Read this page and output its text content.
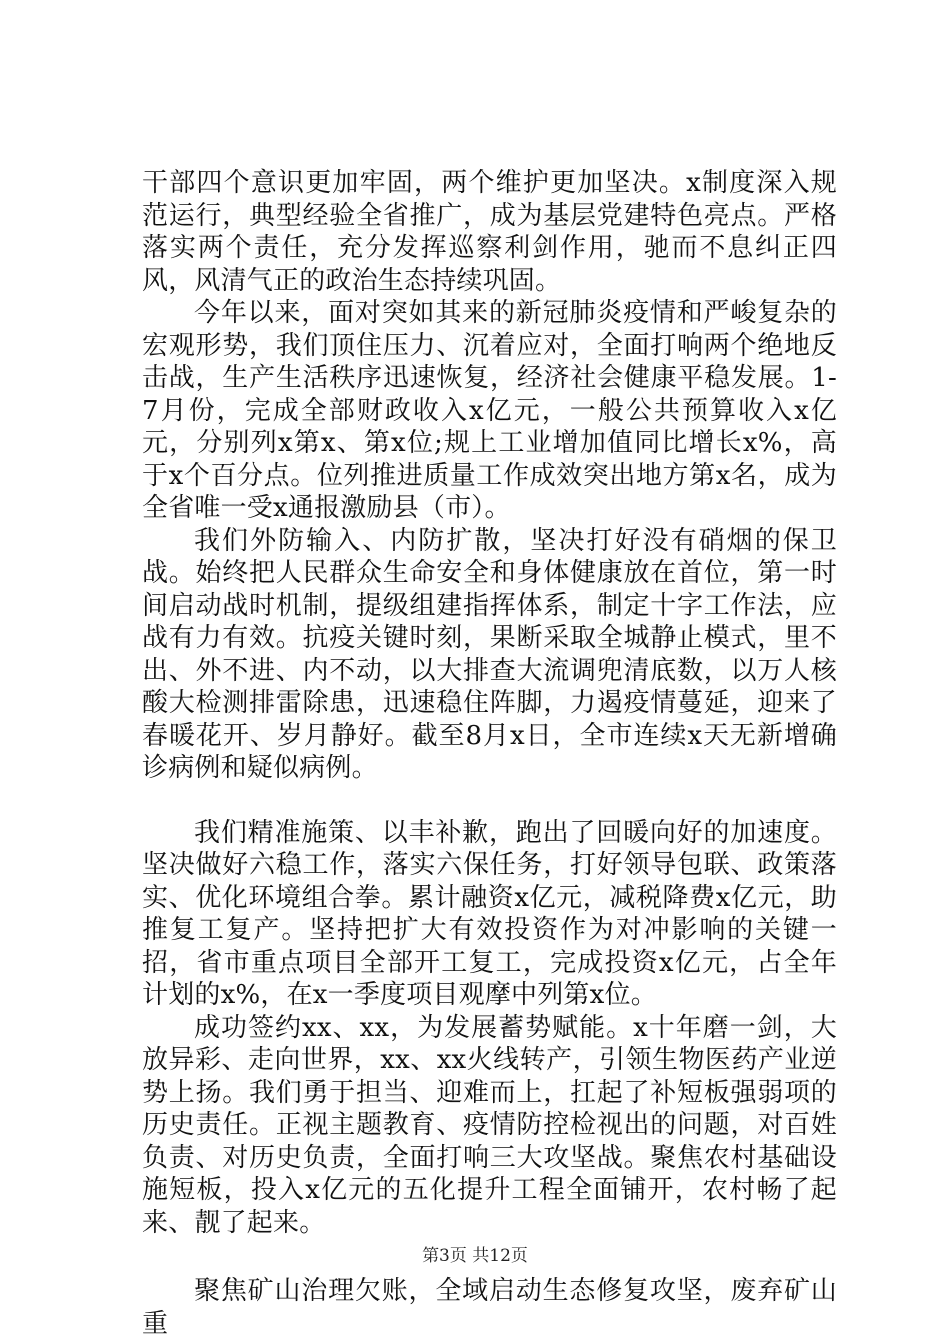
干部四个意识更加牢固，两个维护更加坚决。x制度深入规范运行，典型经验全省推广，成为基层党建特色亮点。严格落实两个责任，充分发挥巡察利剑作用，驰而不息纠正四风，风清气正的政治生态持续巩固。

今年以来，面对突如其来的新冠肺炎疫情和严峻复杂的宏观形势，我们顶住压力、沉着应对，全面打响两个绝地反击战，生产生活秩序迅速恢复，经济社会健康平稳发展。1-7月份，完成全部财政收入x亿元，一般公共预算收入x亿元，分别列x第x、第x位;规上工业增加值同比增长x%，高于x个百分点。位列推进质量工作成效突出地方第x名，成为全省唯一受x通报激励县（市）。

我们外防输入、内防扩散，坚决打好没有硝烟的保卫战。始终把人民群众生命安全和身体健康放在首位，第一时间启动战时机制，提级组建指挥体系，制定十字工作法，应战有力有效。抗疫关键时刻，果断采取全城静止模式，里不出、外不进、内不动，以大排查大流调兜清底数，以万人核酸大检测排雷除患，迅速稳住阵脚，力遏疫情蔓延，迎来了春暖花开、岁月静好。截至8月x日，全市连续x天无新增确诊病例和疑似病例。

我们精准施策、以丰补歉，跑出了回暖向好的加速度。坚决做好六稳工作，落实六保任务，打好领导包联、政策落实、优化环境组合拳。累计融资x亿元，减税降费x亿元，助推复工复产。坚持把扩大有效投资作为对冲影响的关键一招，省市重点项目全部开工复工，完成投资x亿元，占全年计划的x%，在x一季度项目观摩中列第x位。

成功签约xx、xx，为发展蓄势赋能。x十年磨一剑，大放异彩、走向世界，xx、xx火线转产，引领生物医药产业逆势上扬。我们勇于担当、迎难而上，扛起了补短板强弱项的历史责任。正视主题教育、疫情防控检视出的问题，对百姓负责、对历史负责，全面打响三大攻坚战。聚焦农村基础设施短板，投入x亿元的五化提升工程全面铺开，农村畅了起来、靓了起来。

聚焦矿山治理欠账，全域启动生态修复攻坚，废弃矿山重

第3页 共12页
